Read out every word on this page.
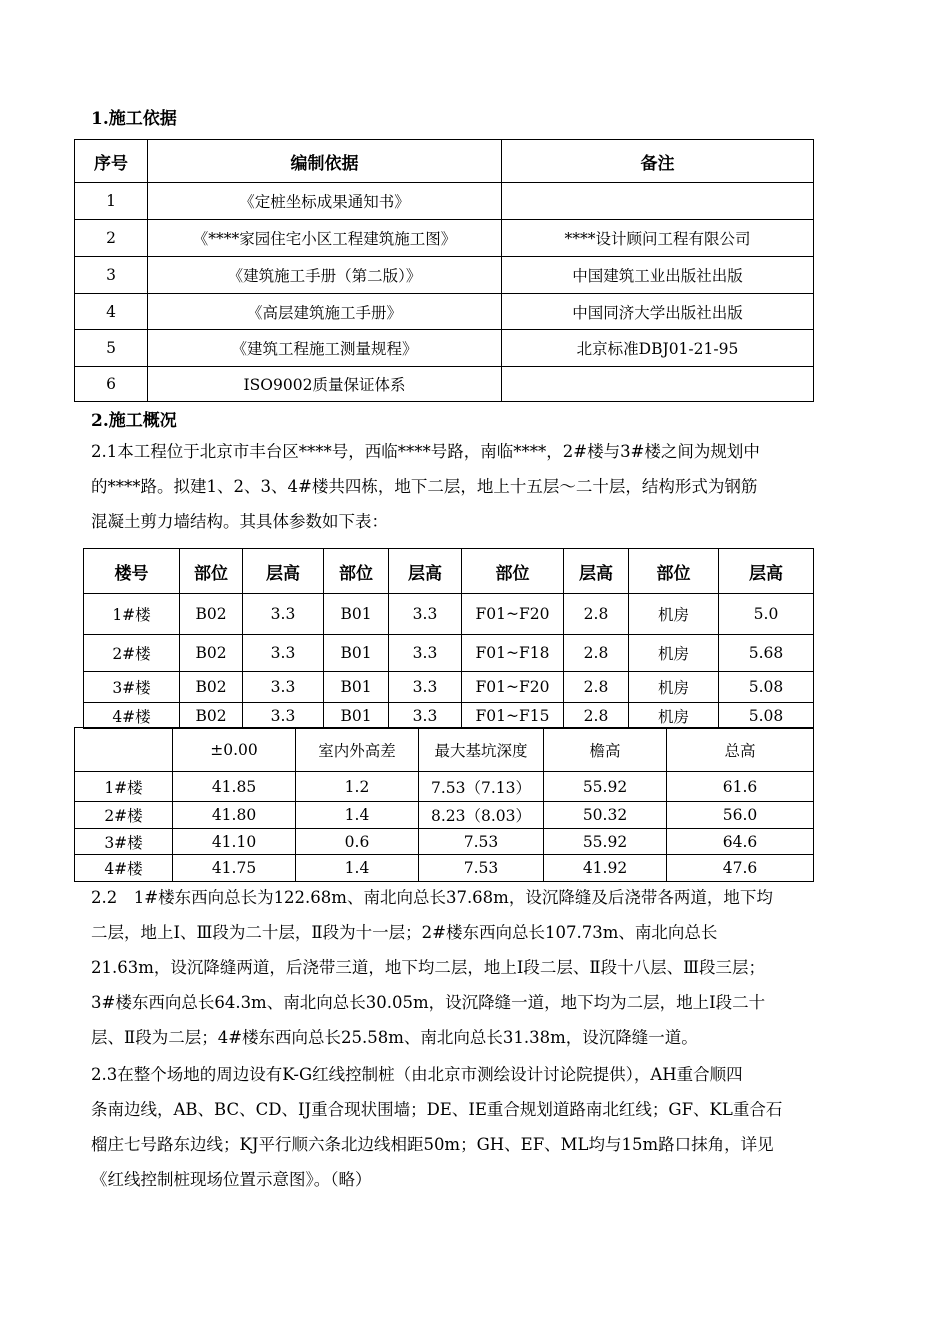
1.施工依据
序号	编制依据	备注
1	《定桩坐标成果通知书》	
2	《****家园住宅小区工程建筑施工图》	****设计顾问工程有限公司
3	《建筑施工手册（第二版）》	中国建筑工业出版社出版
4	《高层建筑施工手册》	中国同济大学出版社出版
5	《建筑工程施工测量规程》	北京标准DBJ01-21-95
6	ISO9002质量保证体系	
2.施工概况
2.1本工程位于北京市丰台区****号，西临****号路，南临****，2#楼与3#楼之间为规划中
的****路。拟建1、2、3、4#楼共四栋，地下二层，地上十五层～二十层，结构形式为钢筋
混凝土剪力墙结构。其具体参数如下表：
楼号	部位	层高	部位	层高	部位	层高	部位	层高
1#楼	B02	3.3	B01	3.3	F01~F20	2.8	机房	5.0
2#楼	B02	3.3	B01	3.3	F01~F18	2.8	机房	5.68
3#楼	B02	3.3	B01	3.3	F01~F20	2.8	机房	5.08
4#楼	B02	3.3	B01	3.3	F01~F15	2.8	机房	5.08
	±0.00	室内外高差	最大基坑深度	檐高	总高
1#楼	41.85	1.2	7.53（7.13）	55.92	61.6
2#楼	41.80	1.4	8.23（8.03）	50.32	56.0
3#楼	41.10	0.6	7.53	55.92	64.6
4#楼	41.75	1.4	7.53	41.92	47.6
2.2　1#楼东西向总长为122.68m、南北向总长37.68m，设沉降缝及后浇带各两道，地下均
二层，地上Ⅰ、Ⅲ段为二十层，Ⅱ段为十一层；2#楼东西向总长107.73m、南北向总长
21.63m，设沉降缝两道，后浇带三道，地下均二层，地上Ⅰ段二层、Ⅱ段十八层、Ⅲ段三层；
3#楼东西向总长64.3m、南北向总长30.05m，设沉降缝一道，地下均为二层，地上Ⅰ段二十
层、Ⅱ段为二层；4#楼东西向总长25.58m、南北向总长31.38m，设沉降缝一道。
2.3在整个场地的周边设有K-G红线控制桩（由北京市测绘设计讨论院提供），AH重合顺四
条南边线，AB、BC、CD、IJ重合现状围墙；DE、IE重合规划道路南北红线；GF、KL重合石
榴庄七号路东边线；KJ平行顺六条北边线相距50m；GH、EF、ML均与15m路口抹角，详见
《红线控制桩现场位置示意图》。（略）
